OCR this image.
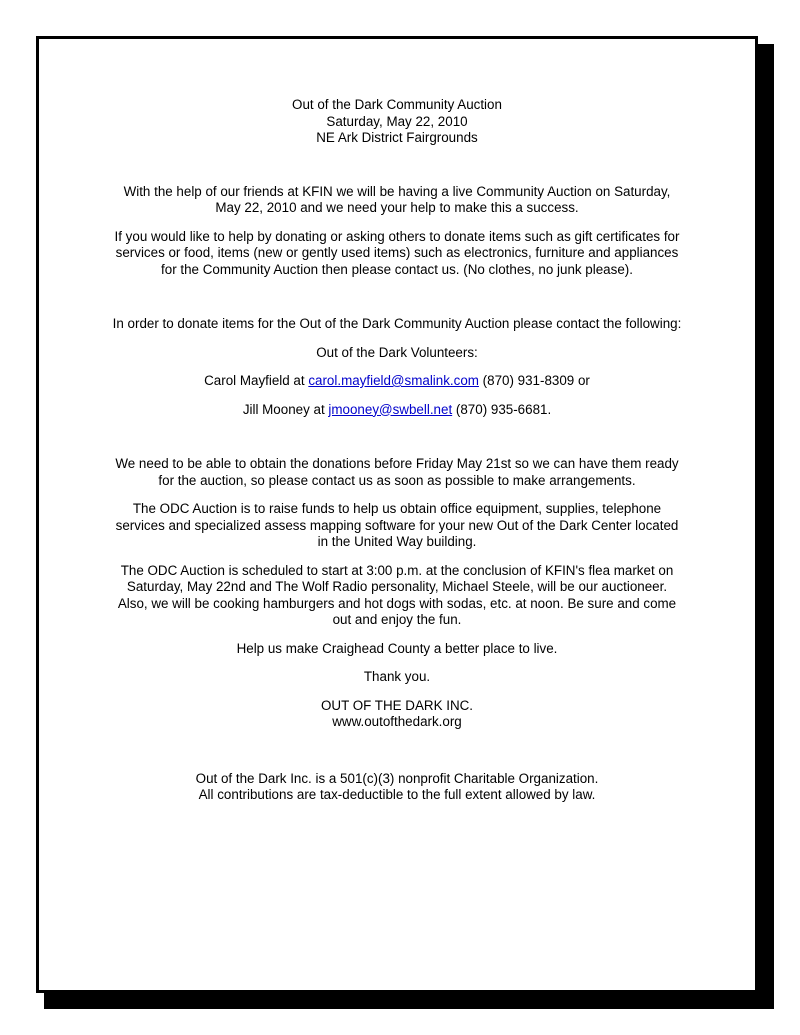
Out of the Dark Community Auction
Saturday, May 22, 2010
NE Ark District Fairgrounds

With the help of our friends at KFIN we will be having a live Community Auction on Saturday,
May 22, 2010 and we need your help to make this a success.

If you would like to help by donating or asking others to donate items such as gift certificates for
services or food, items (new or gently used items) such as electronics, furniture and appliances
for the Community Auction then please contact us. (No clothes, no junk please).

In order to donate items for the Out of the Dark Community Auction please contact the following:

Out of the Dark Volunteers:

Carol Mayfield at carol.mayfield@smalink.com (870) 931-8309 or

Jill Mooney at jmooney@swbell.net (870) 935-6681.

We need to be able to obtain the donations before Friday May 21st so we can have them ready
for the auction, so please contact us as soon as possible to make arrangements.

The ODC Auction is to raise funds to help us obtain office equipment, supplies, telephone
services and specialized assess mapping software for your new Out of the Dark Center located
in the United Way building.

The ODC Auction is scheduled to start at 3:00 p.m. at the conclusion of KFIN's flea market on
Saturday, May 22nd and The Wolf Radio personality, Michael Steele, will be our auctioneer.
Also, we will be cooking hamburgers and hot dogs with sodas, etc. at noon. Be sure and come
out and enjoy the fun.

Help us make Craighead County a better place to live.

Thank you.

OUT OF THE DARK INC.
www.outofthedark.org

Out of the Dark Inc. is a 501(c)(3) nonprofit Charitable Organization.
All contributions are tax-deductible to the full extent allowed by law.
